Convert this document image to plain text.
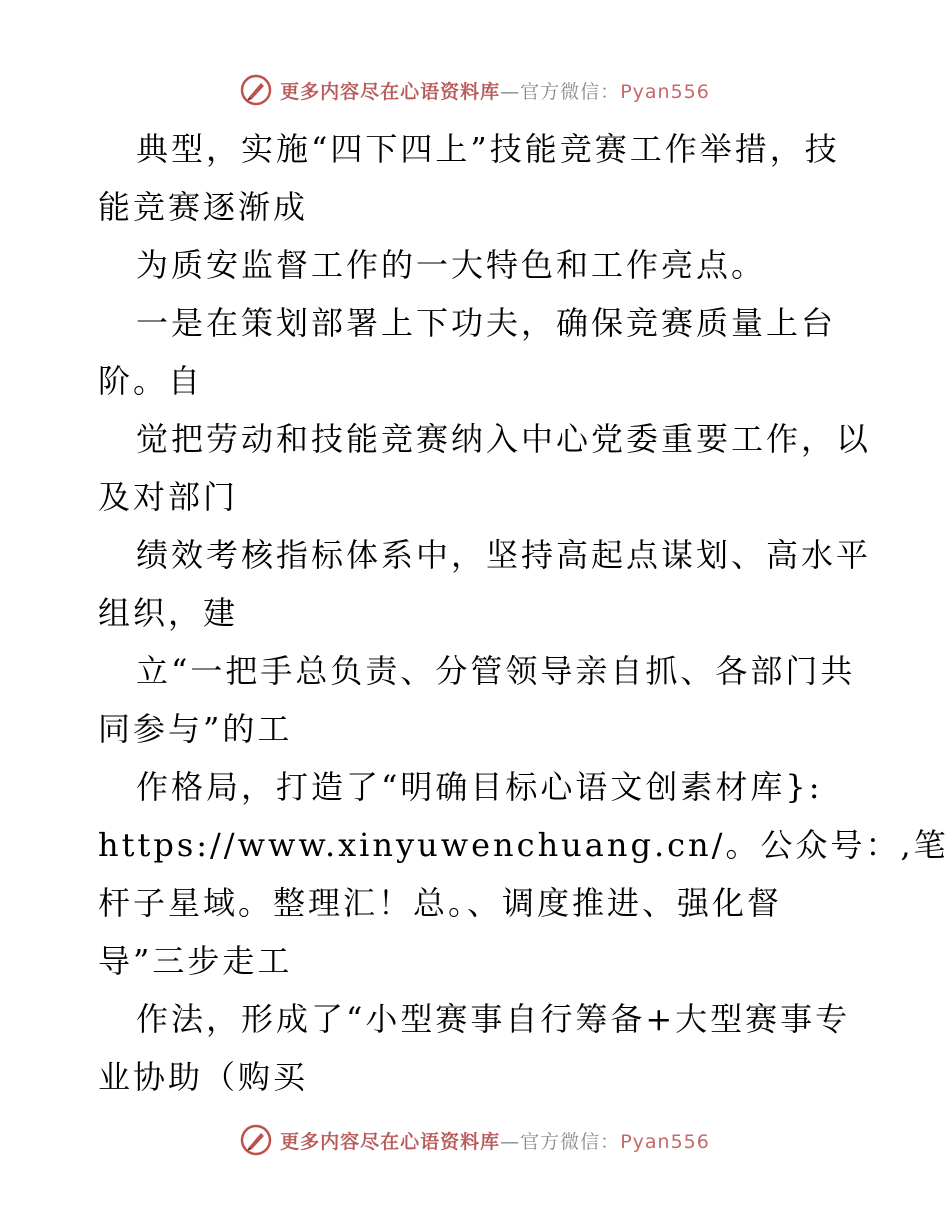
更多内容尽在心语资料库—官方微信：Pyan556
典型，实施“四下四上”技能竞赛工作举措，技
能竞赛逐渐成
为质安监督工作的一大特色和工作亮点。
一是在策划部署上下功夫，确保竞赛质量上台
阶。自
觉把劳动和技能竞赛纳入中心党委重要工作，以
及对部门
绩效考核指标体系中，坚持高起点谋划、高水平
组织，建
立“一把手总负责、分管领导亲自抓、各部门共
同参与”的工
作格局，打造了“明确目标心语文创素材库}:
https://www.xinyuwenchuang.cn/。公众号：,笔
杆子星域。整理汇！总。、调度推进、强化督
导”三步走工
作法，形成了“小型赛事自行筹备+大型赛事专
业协助（购买
更多内容尽在心语资料库—官方微信：Pyan556
